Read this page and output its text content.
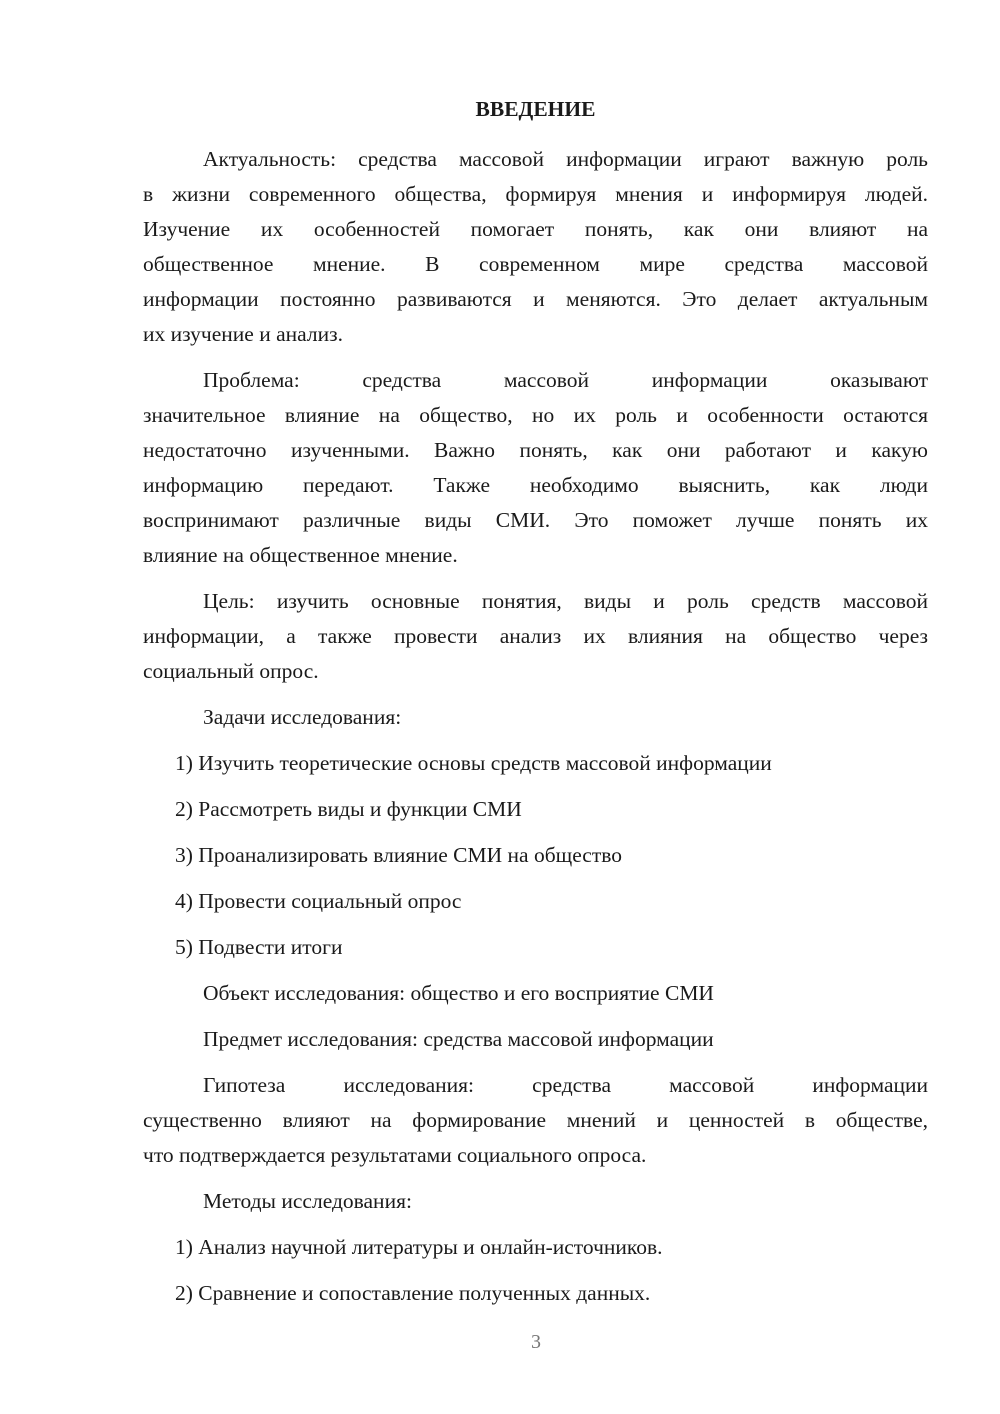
ВВЕДЕНИЕ
Актуальность: средства массовой информации играют важную роль
в жизни современного общества, формируя мнения и информируя людей.
Изучение их особенностей помогает понять, как они влияют на
общественное мнение. В современном мире средства массовой
информации постоянно развиваются и меняются. Это делает актуальным
их изучение и анализ.
Проблема: средства массовой информации оказывают
значительное влияние на общество, но их роль и особенности остаются
недостаточно изученными. Важно понять, как они работают и какую
информацию передают. Также необходимо выяснить, как люди
воспринимают различные виды СМИ. Это поможет лучше понять их
влияние на общественное мнение.
Цель: изучить основные понятия, виды и роль средств массовой
информации, а также провести анализ их влияния на общество через
социальный опрос.
Задачи исследования:
1) Изучить теоретические основы средств массовой информации
2) Рассмотреть виды и функции СМИ
3) Проанализировать влияние СМИ на общество
4) Провести социальный опрос
5) Подвести итоги
Объект исследования: общество и его восприятие СМИ
Предмет исследования: средства массовой информации
Гипотеза исследования: средства массовой информации
существенно влияют на формирование мнений и ценностей в обществе,
что подтверждается результатами социального опроса.
Методы исследования:
1) Анализ научной литературы и онлайн-источников.
2) Сравнение и сопоставление полученных данных.
3
